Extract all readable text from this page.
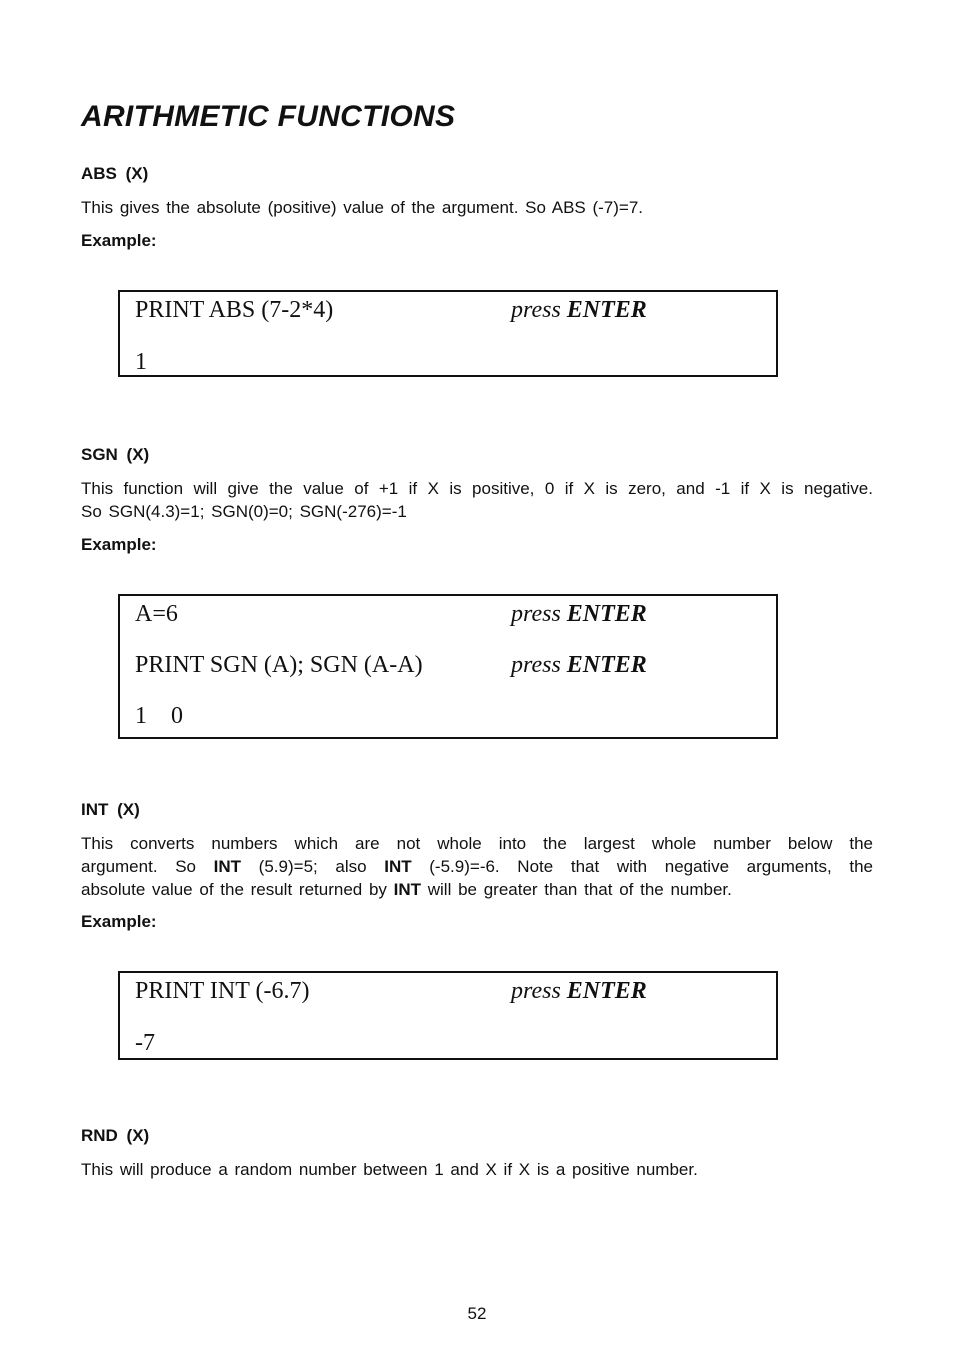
ARITHMETIC FUNCTIONS
ABS (X)
This gives the absolute (positive) value of the argument. So ABS (-7)=7.
Example:
PRINT ABS (7-2*4)	press ENTER
1
SGN (X)
This function will give the value of +1 if X is positive, 0 if X is zero, and -1 if X is negative.
So SGN(4.3)=1; SGN(0)=0; SGN(-276)=-1
Example:
A=6	press ENTER
PRINT SGN (A); SGN (A-A)	press ENTER
1    0
INT (X)
This converts numbers which are not whole into the largest whole number below the
argument. So INT (5.9)=5; also INT (-5.9)=-6. Note that with negative arguments, the
absolute value of the result returned by INT will be greater than that of the number.
Example:
PRINT INT (-6.7)	press ENTER
-7
RND (X)
This will produce a random number between 1 and X if X is a positive number.
52
